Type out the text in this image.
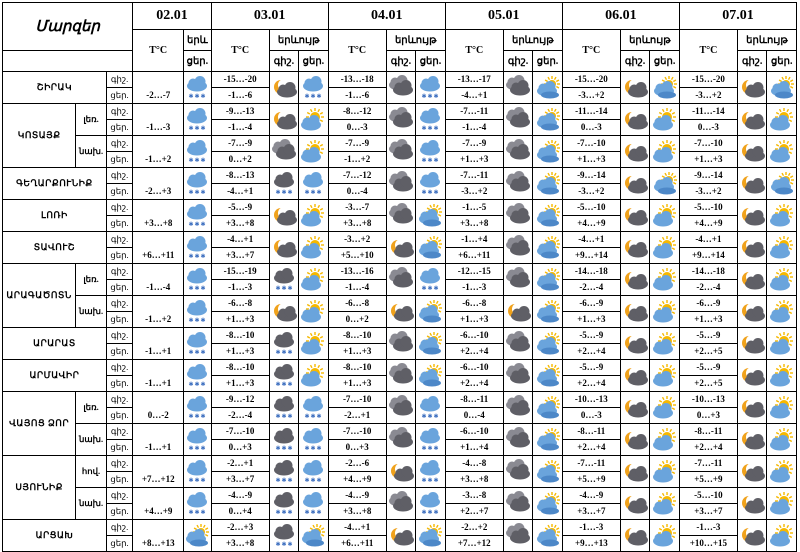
Մարզեր			02.01		03.01			04.01			05.01			06.01			07.01		
			T°C	երև	T°C	երևույթ		T°C	երևույթ		T°C	երևույթ		T°C	երևույթ		T°C	երևույթ	
				ցեր.		գիշ.	ցեր.		գիշ.	ցեր.		գիշ.	ցեր.		գիշ.	ցեր.		գիշ.	ցեր.
ՇԻՐԱԿ		գիշ.	-2…-7	✱ ✱ ✱	-15…-20		✱ ✱ ✱	-13…-18		✱ ✱ ✱	-13…-17			-15…-20			-15…-20	

		ցեր.			-1…-6			-1…-6			-4…+1			-3…+2			-3…+2		
ԿՈՏԱՅՔ	լեռ.	գիշ.	-1…-3	✱ ✱ ✱	-9…-13			-8…-12		✱ ✱ ✱	-7…-11			-11…-14			-11…-14	

		ցեր.			-1…-4			0…-3			-1…-4			0…-3			0…-3		
	նախ.	գիշ.	-1…+2	✱ ✱ ✱	-7…-9			-7…-9		✱ ✱ ✱	-7…-9			-7…-10			-7…-10	

		ցեր.			0…+2			-1…+2			+1…+3			+1…+3			+1…+3		
ԳԵՂԱՐՔՈՒՆԻՔ		գիշ.	-2…+3	✱ ✱ ✱	-8…-13	✱ ✱ ✱	✱ ✱ ✱	-7…-12		✱ ✱ ✱	-7…-11			-9…-14			-9…-14	

		ցեր.			-4…+1			0…-4			-3…+2			-3…+2			-3…+2		
ԼՈՌԻ		գիշ.	+3…+8	✱ ✱ ✱	-5…-9			-3…-7			-1…-5			-5…-10			-5…-10	

		ցեր.			+3…+8			+3…+8			+3…+8			+4…+9			+4…+9		
ՏԱՎՈՒՇ		գիշ.	+6…+11	✱ ✱ ✱	-4…+1			-3…+2			-1…+4			-4…+1			-4…+1	

		ցեր.			+3…+7			+5…+10			+6…+11			+9…+14			+9…+14		
ԱՐԱԳԱԾՈՏՆ	լեռ.	գիշ.	-1…-4	✱ ✱ ✱	-15…-19	✱ ✱ ✱		-13…-16		✱ ✱ ✱	-12…-15			-14…-18			-14…-18	

		ցեր.			-1…-3			-1…-4			-1…-3			-2…-4			-2…-4		
	նախ.	գիշ.	-1…+2	✱ ✱ ✱	-6…-8			-6…-8			-6…-8			-6…-9			-6…-9	

		ցեր.			+1…+3			0…+2			+1…+3			+1…+3			+1…+3		
ԱՐԱՐԱՏ		գիշ.	-1…+1	✱ ✱ ✱	-8…-10	✱ ✱ ✱		-8…-10			-6…-10			-5…-9			-5…-9	

		ցեր.			+1…+3			+1…+3			+2…+4			+2…+4			+2…+5		
ԱՐՄԱՎԻՐ		գիշ.	-1…+1	✱ ✱ ✱	-8…-10	✱ ✱ ✱		-8…-10			-6…-10			-5…-9			-5…-9	

		ցեր.			+1…+3			+1…+3			+2…+4			+2…+4			+2…+5		
ՎԱՅՈՑ ՁՈՐ	լեռ.	գիշ.	0…-2	✱ ✱ ✱	-9…-12	✱ ✱ ✱	✱ ✱ ✱	-7…-10		✱ ✱ ✱	-8…-11			-10…-13			-10…-13	

		ցեր.			-2…-4			-2…+1			0…-4			0…-3			0…+3		
	նախ.	գիշ.	-1…+1	✱ ✱ ✱	-7…-10	✱ ✱ ✱	✱ ✱ ✱	-7…-10		✱ ✱ ✱	-6…-10			-8…-11			-8…-11	

		ցեր.			0…+3			0…+3			+1…+4			+2…+4			+2…+4		
ՍՅՈՒՆԻՔ	հով.	գիշ.	+7…+12	✱ ✱ ✱	-2…+1	✱ ✱ ✱	✱ ✱ ✱	-2…-6		✱ ✱ ✱	-4…-8			-7…-11			-7…-11	

		ցեր.			+3…+7			+4…+9			+3…+8			+5…+9			+5…+9		
	նախ.	գիշ.	+4…+9	✱ ✱ ✱	-4…-9	✱ ✱ ✱	✱ ✱ ✱	-4…-9		✱ ✱ ✱	-3…-8			-4…-9			-5…-10	

		ցեր.			0…+4			+3…+8			+2…+7			+3…+7			+3…+7		
ԱՐՑԱԽ		գիշ.	+8…+13		-2…+3	✱ ✱ ✱		-4…+1			-2…+2			-1…-3			-1…-3	

		ցեր.			+3…+8			+6…+11			+7…+12			+9…+13			+10…+15		
